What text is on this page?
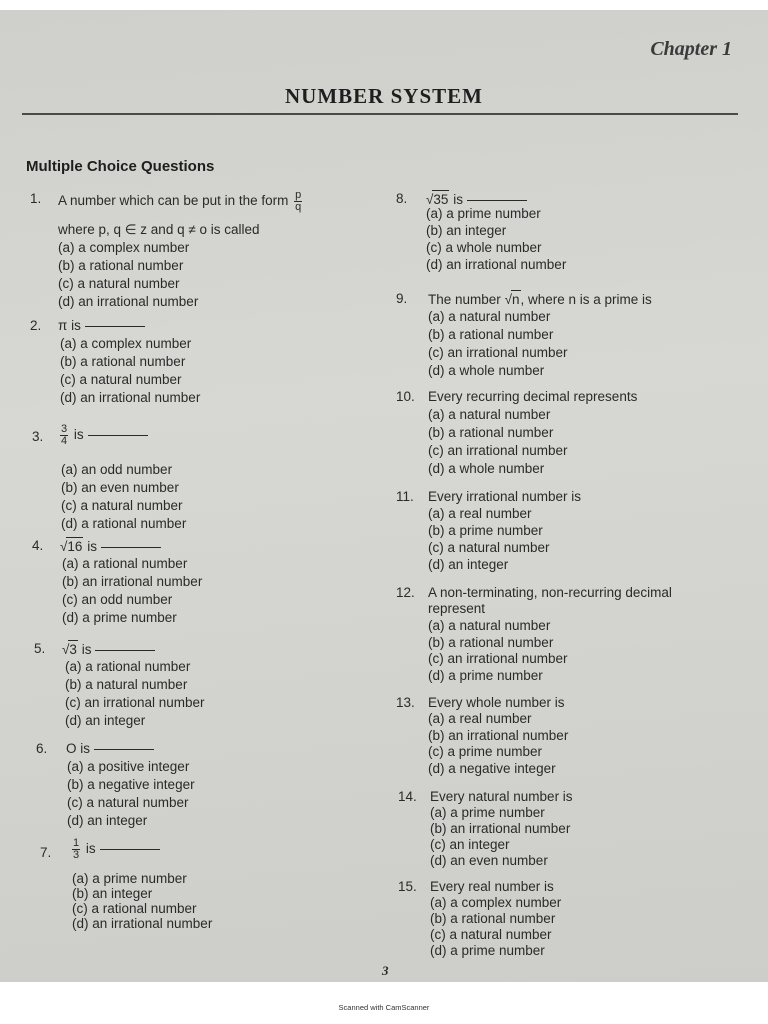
Chapter 1
NUMBER SYSTEM
Multiple Choice Questions
1. A number which can be put in the form $\frac{p}{q}$
where p, q ∈ z and q ≠ o is called
(a) a complex number
(b) a rational number
(c) a natural number
(d) an irrational number
2. π is
(a) a complex number
(b) a rational number
(c) a natural number
(d) an irrational number
3. $\frac{3}{4}$ is
(a) an odd number
(b) an even number
(c) a natural number
(d) a rational number
4. √16 is
(a) a rational number
(b) an irrational number
(c) an odd number
(d) a prime number
5. √3 is
(a) a rational number
(b) a natural number
(c) an irrational number
(d) an integer
6. O is
(a) a positive integer
(b) a negative integer
(c) a natural number
(d) an integer
7. $\frac{1}{3}$ is
(a) a prime number
(b) an integer
(c) a rational number
(d) an irrational number
8. √35 is
(a) a prime number
(b) an integer
(c) a whole number
(d) an irrational number
9. The number √n, where n is a prime is
(a) a natural number
(b) a rational number
(c) an irrational number
(d) a whole number
10. Every recurring decimal represents
(a) a natural number
(b) a rational number
(c) an irrational number
(d) a whole number
11. Every irrational number is
(a) a real number
(b) a prime number
(c) a natural number
(d) an integer
12. A non-terminating, non-recurring decimal
represent
(a) a natural number
(b) a rational number
(c) an irrational number
(d) a prime number
13. Every whole number is
(a) a real number
(b) an irrational number
(c) a prime number
(d) a negative integer
14. Every natural number is
(a) a prime number
(b) an irrational number
(c) an integer
(d) an even number
15. Every real number is
(a) a complex number
(b) a rational number
(c) a natural number
(d) a prime number
3
Scanned with CamScanner
